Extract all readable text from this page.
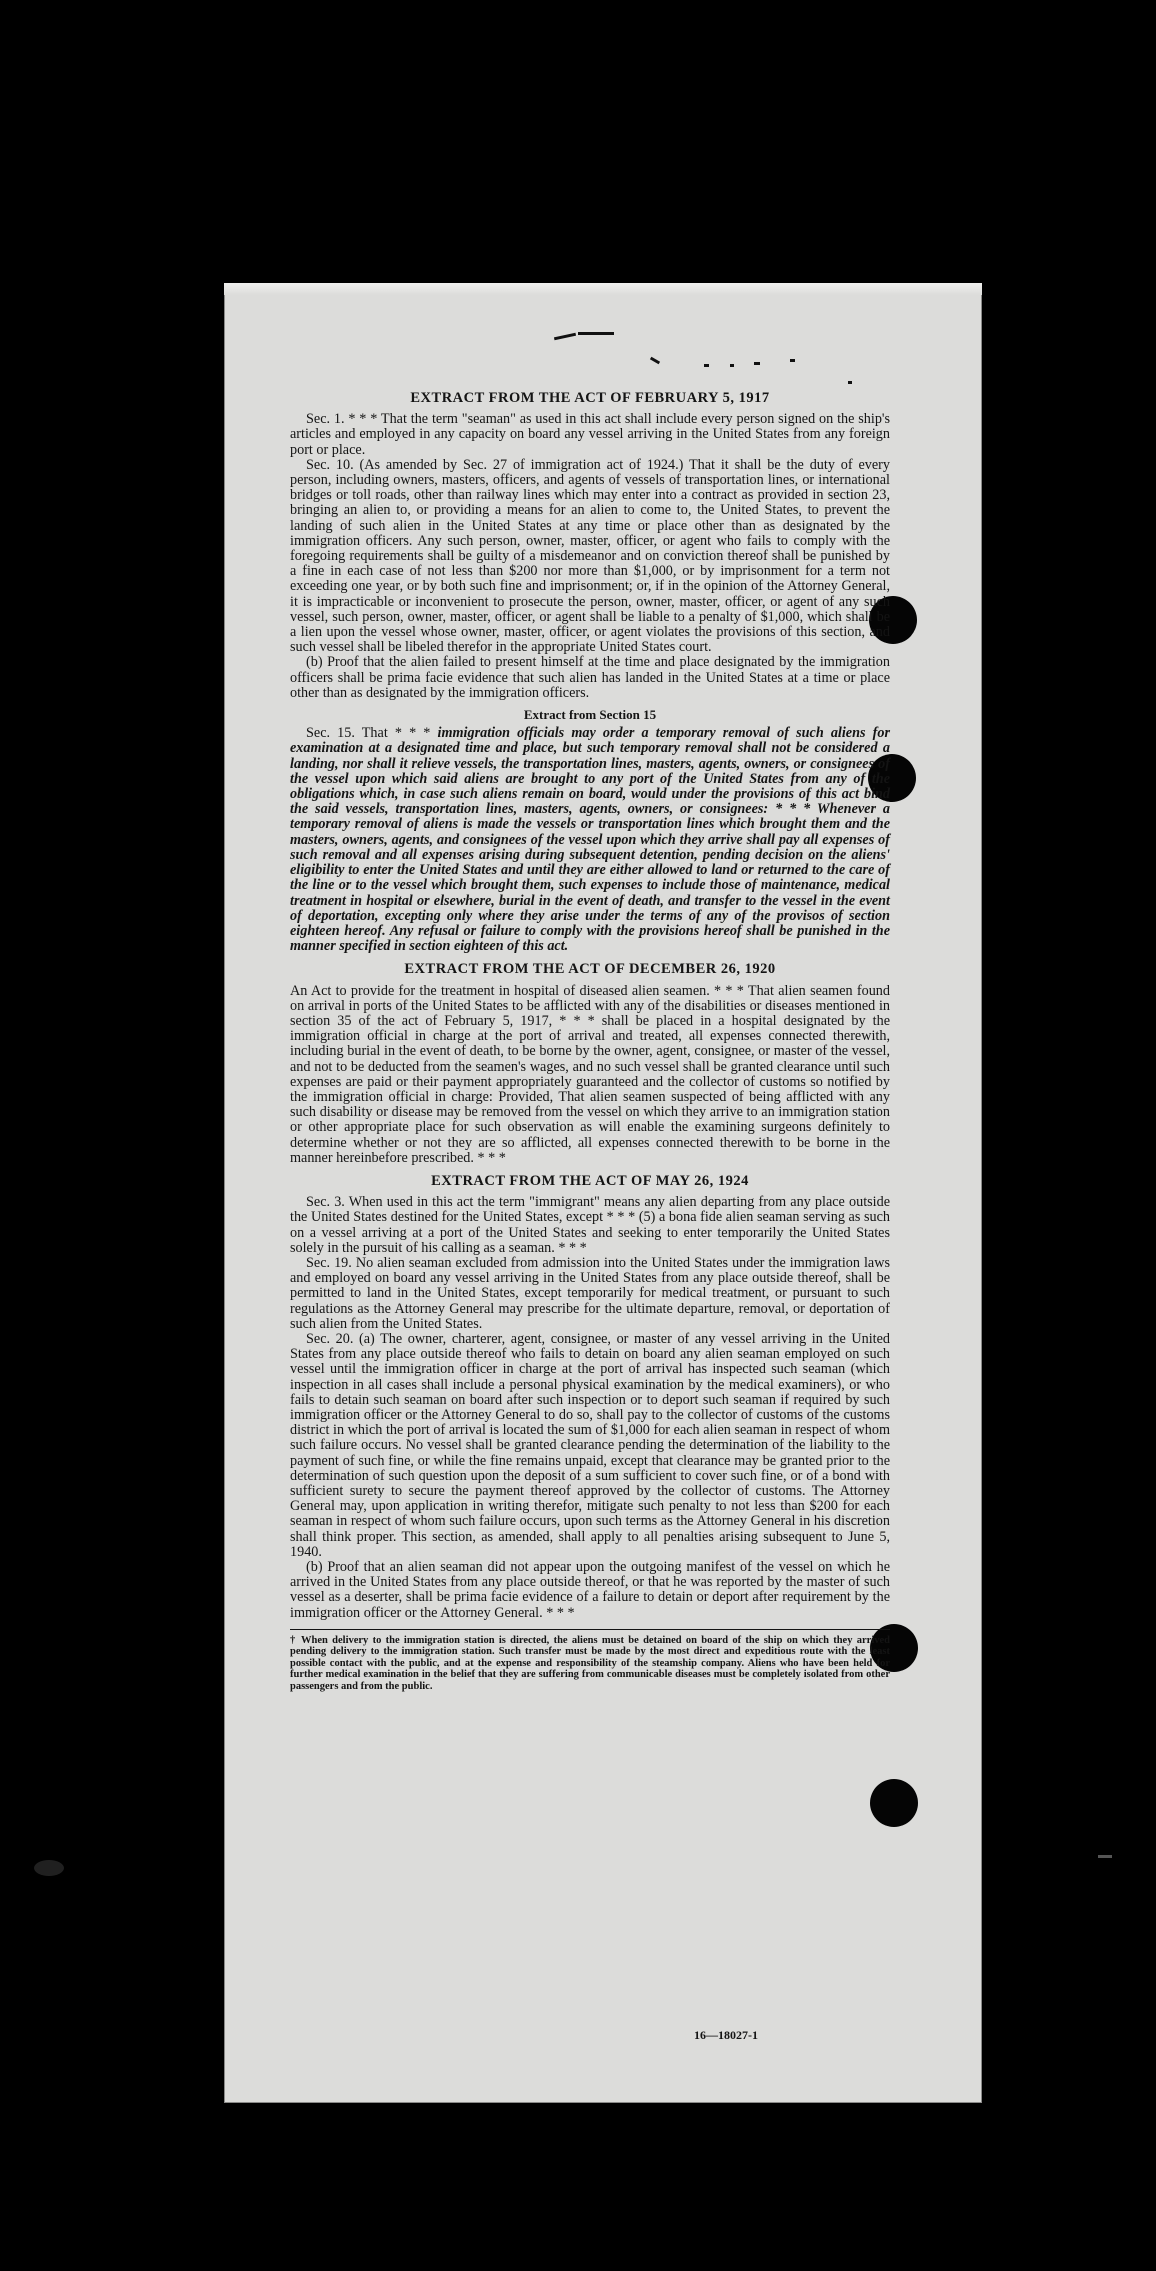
EXTRACT FROM THE ACT OF FEBRUARY 5, 1917

Sec. 1. * * * That the term "seaman" as used in this act shall include every person signed on the ship's articles and employed in any capacity on board any vessel arriving in the United States from any foreign port or place.

Sec. 10. (As amended by Sec. 27 of immigration act of 1924.) That it shall be the duty of every person, including owners, masters, officers, and agents of vessels of transportation lines, or international bridges or toll roads, other than railway lines which may enter into a contract as provided in section 23, bringing an alien to, or providing a means for an alien to come to, the United States, to prevent the landing of such alien in the United States at any time or place other than as designated by the immigration officers. Any such person, owner, master, officer, or agent who fails to comply with the foregoing requirements shall be guilty of a misdemeanor and on conviction thereof shall be punished by a fine in each case of not less than $200 nor more than $1,000, or by imprisonment for a term not exceeding one year, or by both such fine and imprisonment; or, if in the opinion of the Attorney General, it is impracticable or inconvenient to prosecute the person, owner, master, officer, or agent of any such vessel, such person, owner, master, officer, or agent shall be liable to a penalty of $1,000, which shall be a lien upon the vessel whose owner, master, officer, or agent violates the provisions of this section, and such vessel shall be libeled therefor in the appropriate United States court.

(b) Proof that the alien failed to present himself at the time and place designated by the immigration officers shall be prima facie evidence that such alien has landed in the United States at a time or place other than as designated by the immigration officers.

Extract from Section 15

Sec. 15. That * * * immigration officials may order a temporary removal of such aliens for examination at a designated time and place, but such temporary removal shall not be considered a landing, nor shall it relieve vessels, the transportation lines, masters, agents, owners, or consignees of the vessel upon which said aliens are brought to any port of the United States from any of the obligations which, in case such aliens remain on board, would under the provisions of this act bind the said vessels, transportation lines, masters, agents, owners, or consignees: * * * Whenever a temporary removal of aliens is made the vessels or transportation lines which brought them and the masters, owners, agents, and consignees of the vessel upon which they arrive shall pay all expenses of such removal and all expenses arising during subsequent detention, pending decision on the aliens' eligibility to enter the United States and until they are either allowed to land or returned to the care of the line or to the vessel which brought them, such expenses to include those of maintenance, medical treatment in hospital or elsewhere, burial in the event of death, and transfer to the vessel in the event of deportation, excepting only where they arise under the terms of any of the provisos of section eighteen hereof. Any refusal or failure to comply with the provisions hereof shall be punished in the manner specified in section eighteen of this act.

EXTRACT FROM THE ACT OF DECEMBER 26, 1920

An Act to provide for the treatment in hospital of diseased alien seamen. * * * That alien seamen found on arrival in ports of the United States to be afflicted with any of the disabilities or diseases mentioned in section 35 of the act of February 5, 1917, * * * shall be placed in a hospital designated by the immigration official in charge at the port of arrival and treated, all expenses connected therewith, including burial in the event of death, to be borne by the owner, agent, consignee, or master of the vessel, and not to be deducted from the seamen's wages, and no such vessel shall be granted clearance until such expenses are paid or their payment appropriately guaranteed and the collector of customs so notified by the immigration official in charge: Provided, That alien seamen suspected of being afflicted with any such disability or disease may be removed from the vessel on which they arrive to an immigration station or other appropriate place for such observation as will enable the examining surgeons definitely to determine whether or not they are so afflicted, all expenses connected therewith to be borne in the manner hereinbefore prescribed. * * *

EXTRACT FROM THE ACT OF MAY 26, 1924

Sec. 3. When used in this act the term "immigrant" means any alien departing from any place outside the United States destined for the United States, except * * * (5) a bona fide alien seaman serving as such on a vessel arriving at a port of the United States and seeking to enter temporarily the United States solely in the pursuit of his calling as a seaman. * * *

Sec. 19. No alien seaman excluded from admission into the United States under the immigration laws and employed on board any vessel arriving in the United States from any place outside thereof, shall be permitted to land in the United States, except temporarily for medical treatment, or pursuant to such regulations as the Attorney General may prescribe for the ultimate departure, removal, or deportation of such alien from the United States.

Sec. 20. (a) The owner, charterer, agent, consignee, or master of any vessel arriving in the United States from any place outside thereof who fails to detain on board any alien seaman employed on such vessel until the immigration officer in charge at the port of arrival has inspected such seaman (which inspection in all cases shall include a personal physical examination by the medical examiners), or who fails to detain such seaman on board after such inspection or to deport such seaman if required by such immigration officer or the Attorney General to do so, shall pay to the collector of customs of the customs district in which the port of arrival is located the sum of $1,000 for each alien seaman in respect of whom such failure occurs. No vessel shall be granted clearance pending the determination of the liability to the payment of such fine, or while the fine remains unpaid, except that clearance may be granted prior to the determination of such question upon the deposit of a sum sufficient to cover such fine, or of a bond with sufficient surety to secure the payment thereof approved by the collector of customs. The Attorney General may, upon application in writing therefor, mitigate such penalty to not less than $200 for each seaman in respect of whom such failure occurs, upon such terms as the Attorney General in his discretion shall think proper. This section, as amended, shall apply to all penalties arising subsequent to June 5, 1940.

(b) Proof that an alien seaman did not appear upon the outgoing manifest of the vessel on which he arrived in the United States from any place outside thereof, or that he was reported by the master of such vessel as a deserter, shall be prima facie evidence of a failure to detain or deport after requirement by the immigration officer or the Attorney General. * * *

† When delivery to the immigration station is directed, the aliens must be detained on board of the ship on which they arrived pending delivery to the immigration station. Such transfer must be made by the most direct and expeditious route with the least possible contact with the public, and at the expense and responsibility of the steamship company. Aliens who have been held for further medical examination in the belief that they are suffering from communicable diseases must be completely isolated from other passengers and from the public.
16—18027-1
